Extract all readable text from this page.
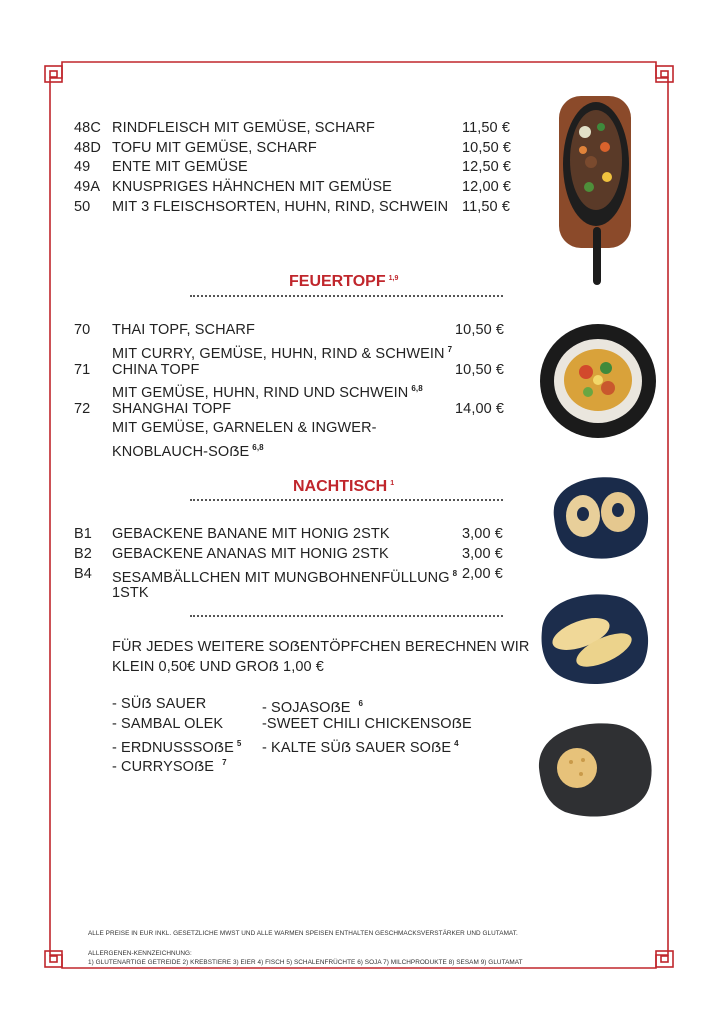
48C RINDFLEISCH MIT GEMÜSE, SCHARF	11,50 €
48D TOFU MIT GEMÜSE, SCHARF	10,50 €
49 ENTE MIT GEMÜSE	12,50 €
49A KNUSPRIGES HÄHNCHEN MIT GEMÜSE	12,00 €
50 MIT 3 FLEISCHSORTEN, HUHN, RIND, SCHWEIN 11,50 €
FEUERTOPF $^{1,9}$
70 THAI TOPF, SCHARF	10,50 €
MIT CURRY, GEMÜSE, HUHN, RIND & SCHWEIN $^7$
71 CHINA TOPF	10,50 €
MIT GEMÜSE, HUHN, RIND UND SCHWEIN $^{6,8}$
72 SHANGHAI TOPF	14,00 €
MIT GEMÜSE, GARNELEN & INGWER-
KNOBLAUCH-SOẞE $^{6,8}$
NACHTISCH $^1$
B1 GEBACKENE BANANE MIT HONIG 2STK	3,00 €
B2 GEBACKENE ANANAS MIT HONIG 2STK	3,00 €
B4 SESAMBÄLLCHEN MIT MUNGBOHNENFÜLLUNG $^8$ 2,00 €
1STK
FÜR JEDES WEITERE SOẞENTÖPFCHEN BERECHNEN WIR
KLEIN 0,50€ UND GROẞ 1,00 €
- SÜẞ SAUER
- SAMBAL OLEK
- ERDNUSSSOẞE $^5$
- CURRYSOẞE $^7$
- SOJASOẞE $^6$
-SWEET CHILI CHICKENSOẞE
- KALTE SÜẞ SAUER SOẞE $^4$
ALLE PREISE IN EUR INKL. GESETZLICHE MWST UND ALLE WARMEN SPEISEN ENTHALTEN GESCHMACKSVERSTÄRKER UND GLUTAMAT.
ALLERGENEN-KENNZEICHNUNG:
1) GLUTENARTIGE GETREIDE 2) KREBSTIERE 3) EIER 4) FISCH 5) SCHALENFRÜCHTE 6) SOJA 7) MILCHPRODUKTE 8) SESAM 9) GLUTAMAT
